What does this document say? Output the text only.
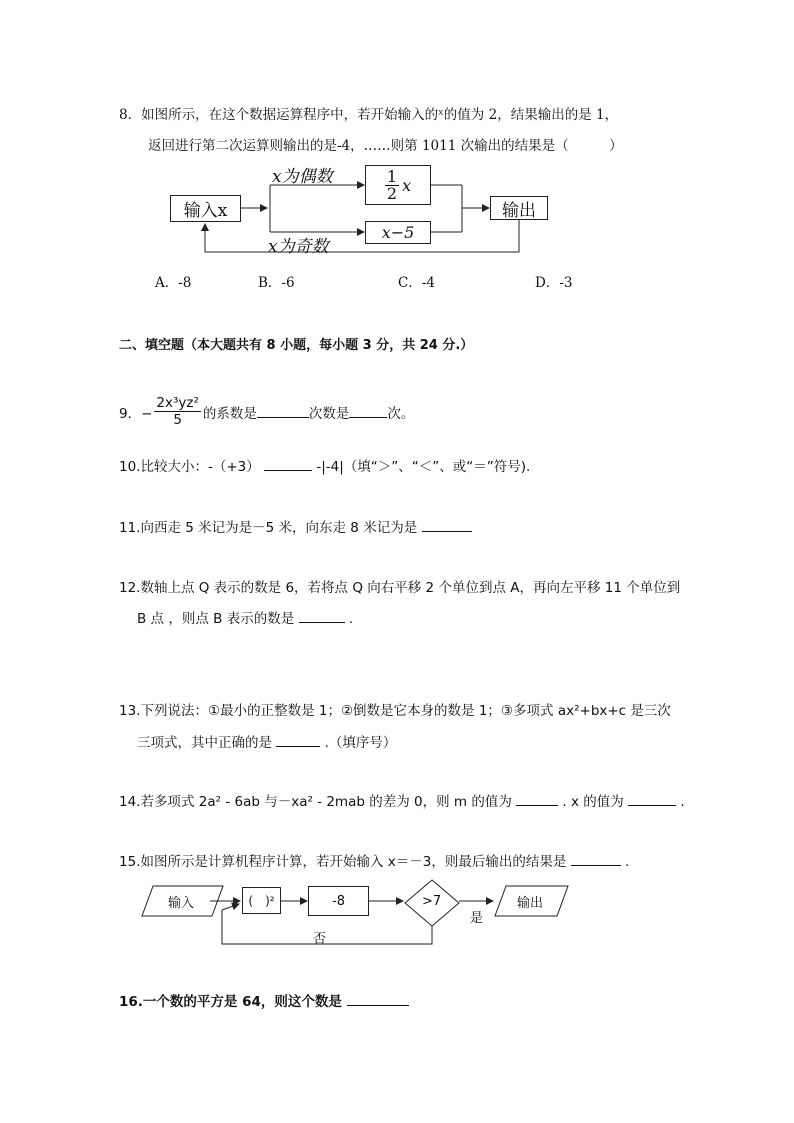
8．如图所示，在这个数据运算程序中，若开始输入的ˣ的值为 2，结果输出的是 1，
返回进行第二次运算则输出的是-4，……则第 1011 次输出的结果是（　　　）
输入x
x为偶数	$\frac{1}{2}$ x
x为奇数
x−5
输出
A．-8	B．-6	C．-4	D．-3
二、填空题（本大题共有 8 小题，每小题 3 分，共 24 分.）
9．− $\frac{\text{2x³yz²}}{5}$ 的系数是	次数是	次。
10.比较大小：-（+3）	-|-4|（填“＞”、“＜”、或“＝”符号).
11.向西走 5 米记为是－5 米，向东走 8 米记为是
12.数轴上点 Q 表示的数是 6，若将点 Q 向右平移 2 个单位到点 A，再向左平移 11 个单位到
B 点 ，则点 B 表示的数是	.
13.下列说法：①最小的正整数是 1；②倒数是它本身的数是 1；③多项式 ax²+bx+c 是三次
三项式，其中正确的是	.（填序号）
14.若多项式 2a² - 6ab 与－xa² - 2mab 的差为 0，则 m 的值为	. x 的值为	.
15.如图所示是计算机程序计算，若开始输入 x＝－3，则最后输出的结果是	.
输入	(　)²	-8	>7
是
否
输出
16.一个数的平方是 64，则这个数是
